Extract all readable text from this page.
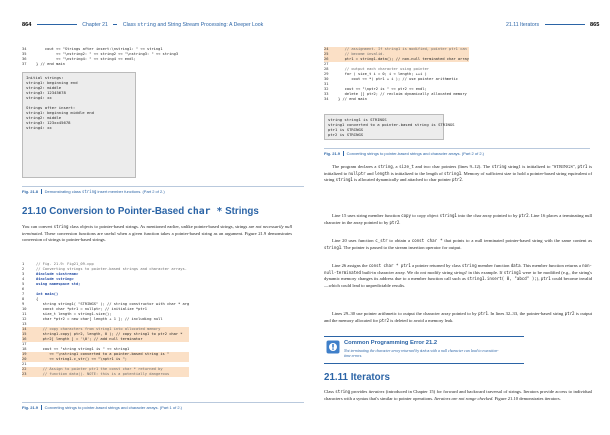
864	Chapter 21	Class string and String Stream Processing: A Deeper Look
34	cout << "Strings after insert:\nstring1: " << string1
35	<< "\nstring2: " << string2 << "\nstring3: " << string3
36	<< "\nstring4: " << string4 << endl;
37	} // end main
Initial strings:
string1: beginning end
string2: middle
string3: 12345678
string4: xx
Strings after insert:
string1: beginning middle end
string2: middle
string3: 123xx45678
string4: xx
Fig. 21.8 Demonstrating class string insert member functions. (Part 2 of 2.)
21.10 Conversion to Pointer-Based char * Strings
You can convert string class objects to pointer-based strings. As mentioned earlier, unlike pointer-based strings, strings are not necessarily null terminated. These conversion functions are useful when a given function takes a pointer-based string as an argument. Figure 21.9 demonstrates conversion of strings to pointer-based strings.
1	// Fig. 21.9: Fig21_09.cpp
2	// Converting strings to pointer-based strings and character arrays.
3	#include <iostream>
4	#include <string>
5	using namespace std;
6
7	int main()
8	{
9	string string1( "STRINGS" ); // string constructor with char * arg
10	const char *ptr1 = nullptr; // initialize *ptr1
11	size_t length = string1.size();
12	char *ptr2 = new char[ length + 1 ]; // including null
13
14	// copy characters from string1 into allocated memory
15	string1.copy( ptr2, length, 0 ); // copy string1 to ptr2 char *
16	ptr2[ length ] = '\0'; // add null terminator
17
18	cout << "string string1 is " << string1
19	<< "\nstring1 converted to a pointer-based string is "
20	<< string1.c_str() << "\nptr1 is ";
21
22	// Assign to pointer ptr1 the const char * returned by
23	// function data(). NOTE: this is a potentially dangerous
Fig. 21.9 Converting strings to pointer-based strings and character arrays. (Part 1 of 2.)
21.11 Iterators	865
24	// assignment. If string1 is modified, pointer ptr1 can
25	// become invalid.
26	ptr1 = string1.data(); // non-null terminated char array
27
28	// output each character using pointer
29	for ( size_t i = 0; i < length; ++i )
30	cout << *( ptr1 + i ); // use pointer arithmetic
31
32	cout << "\nptr2 is " << ptr2 << endl;
33	delete [] ptr2; // reclaim dynamically allocated memory
34	} // end main
string string1 is STRINGS
string1 converted to a pointer-based string is STRINGS
ptr1 is STRINGS
ptr2 is STRINGS
Fig. 21.9 Converting strings to pointer-based strings and character arrays. (Part 2 of 2.)
The program declares a string, a size_t and two char pointers (lines 9–12). The string string1 is initialized to "STRINGS", ptr1 is initialized to nullptr and length is initialized to the length of string1. Memory of sufficient size to hold a pointer-based string equivalent of string string1 is allocated dynamically and attached to char pointer ptr2.
Line 15 uses string member function copy to copy object string1 into the char array pointed to by ptr2. Line 16 places a terminating null character in the array pointed to by ptr2.
Line 20 uses function c_str to obtain a const char * that points to a null terminated pointer-based string with the same content as string1. The pointer is passed to the stream insertion operator for output.
Line 26 assigns the const char * ptr1 a pointer returned by class string member function data. This member function returns a non-null-terminated built-in character array. We do not modify string string1 in this example. If string1 were to be modified (e.g., the string's dynamic memory changes its address due to a member function call such as string1.insert( 0, "abcd" );), ptr1 could become invalid—which could lead to unpredictable results.
Lines 29–30 use pointer arithmetic to output the character array pointed to by ptr1. In lines 32–33, the pointer-based string ptr2 is output and the memory allocated for ptr2 is deleted to avoid a memory leak.
Common Programming Error 21.2
Not terminating the character array returned by data with a null character can lead to execution-time errors.
21.11 Iterators
Class string provides iterators (introduced in Chapter 15) for forward and backward traversal of strings. Iterators provide access to individual characters with a syntax that's similar to pointer operations. Iterators are not range checked. Figure 21.10 demonstrates iterators.
